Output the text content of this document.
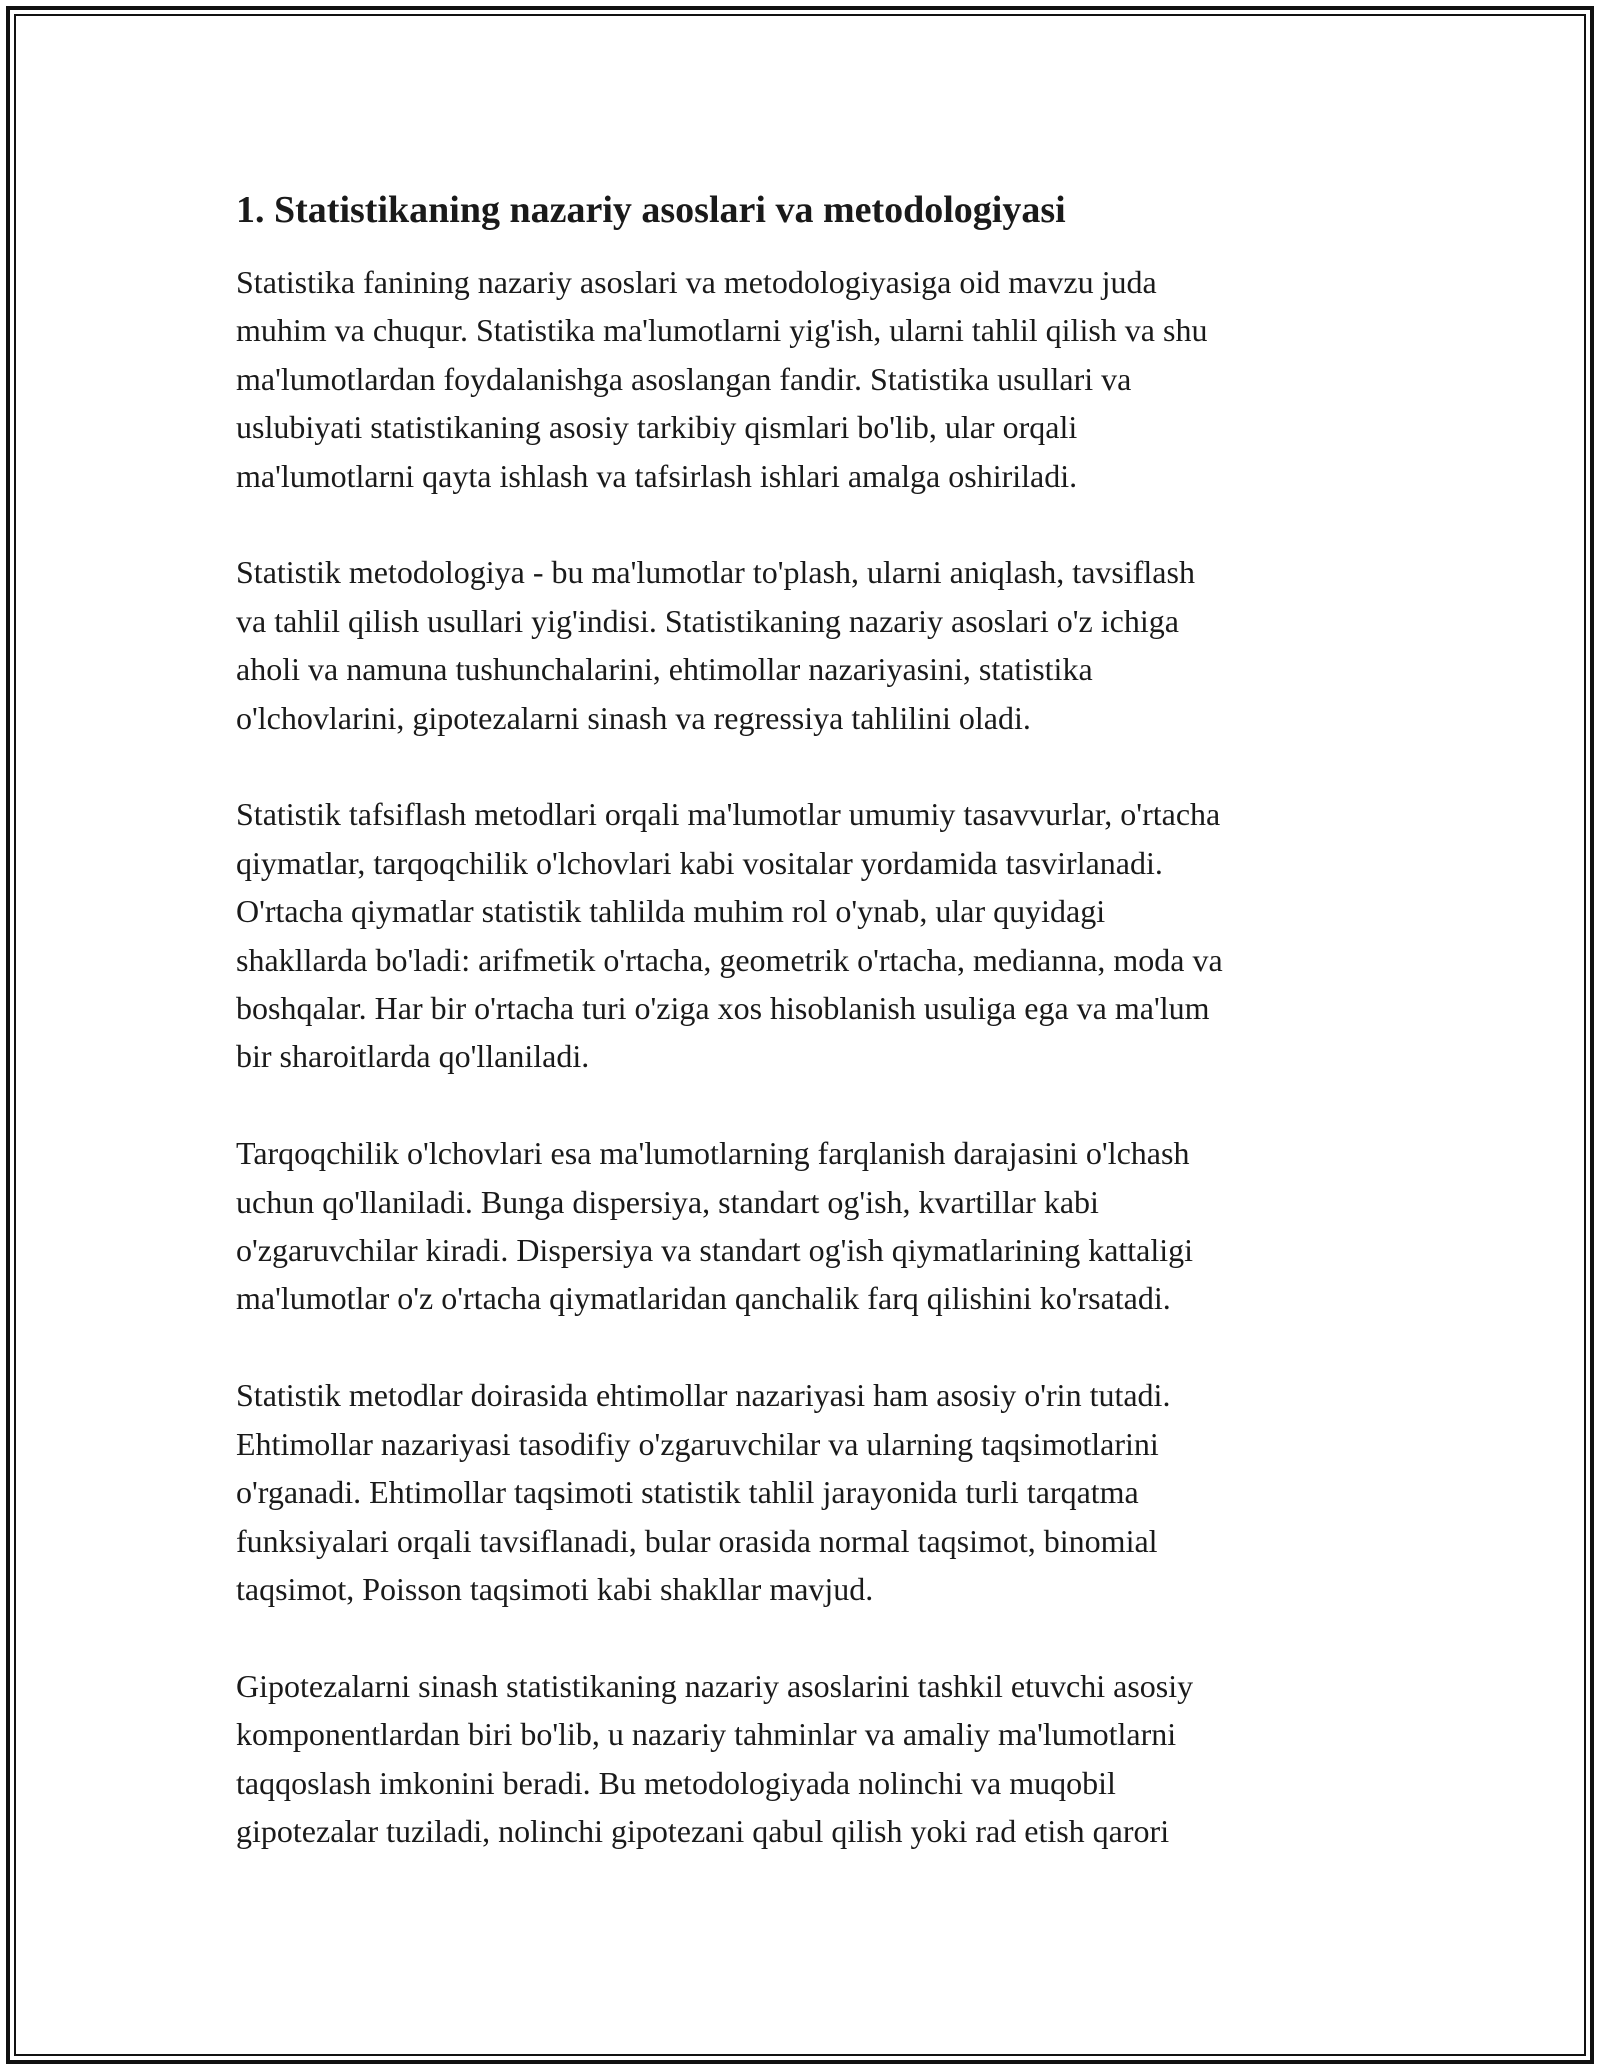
1. Statistikaning nazariy asoslari va metodologiyasi

Statistika fanining nazariy asoslari va metodologiyasiga oid mavzu juda
muhim va chuqur. Statistika ma'lumotlarni yig'ish, ularni tahlil qilish va shu
ma'lumotlardan foydalanishga asoslangan fandir. Statistika usullari va
uslubiyati statistikaning asosiy tarkibiy qismlari bo'lib, ular orqali
ma'lumotlarni qayta ishlash va tafsirlash ishlari amalga oshiriladi.

Statistik metodologiya - bu ma'lumotlar to'plash, ularni aniqlash, tavsiflash
va tahlil qilish usullari yig'indisi. Statistikaning nazariy asoslari o'z ichiga
aholi va namuna tushunchalarini, ehtimollar nazariyasini, statistika
o'lchovlarini, gipotezalarni sinash va regressiya tahlilini oladi.

Statistik tafsiflash metodlari orqali ma'lumotlar umumiy tasavvurlar, o'rtacha
qiymatlar, tarqoqchilik o'lchovlari kabi vositalar yordamida tasvirlanadi.
O'rtacha qiymatlar statistik tahlilda muhim rol o'ynab, ular quyidagi
shakllarda bo'ladi: arifmetik o'rtacha, geometrik o'rtacha, medianna, moda va
boshqalar. Har bir o'rtacha turi o'ziga xos hisoblanish usuliga ega va ma'lum
bir sharoitlarda qo'llaniladi.

Tarqoqchilik o'lchovlari esa ma'lumotlarning farqlanish darajasini o'lchash
uchun qo'llaniladi. Bunga dispersiya, standart og'ish, kvartillar kabi
o'zgaruvchilar kiradi. Dispersiya va standart og'ish qiymatlarining kattaligi
ma'lumotlar o'z o'rtacha qiymatlaridan qanchalik farq qilishini ko'rsatadi.

Statistik metodlar doirasida ehtimollar nazariyasi ham asosiy o'rin tutadi.
Ehtimollar nazariyasi tasodifiy o'zgaruvchilar va ularning taqsimotlarini
o'rganadi. Ehtimollar taqsimoti statistik tahlil jarayonida turli tarqatma
funksiyalari orqali tavsiflanadi, bular orasida normal taqsimot, binomial
taqsimot, Poisson taqsimoti kabi shakllar mavjud.

Gipotezalarni sinash statistikaning nazariy asoslarini tashkil etuvchi asosiy
komponentlardan biri bo'lib, u nazariy tahminlar va amaliy ma'lumotlarni
taqqoslash imkonini beradi. Bu metodologiyada nolinchi va muqobil
gipotezalar tuziladi, nolinchi gipotezani qabul qilish yoki rad etish qarori
